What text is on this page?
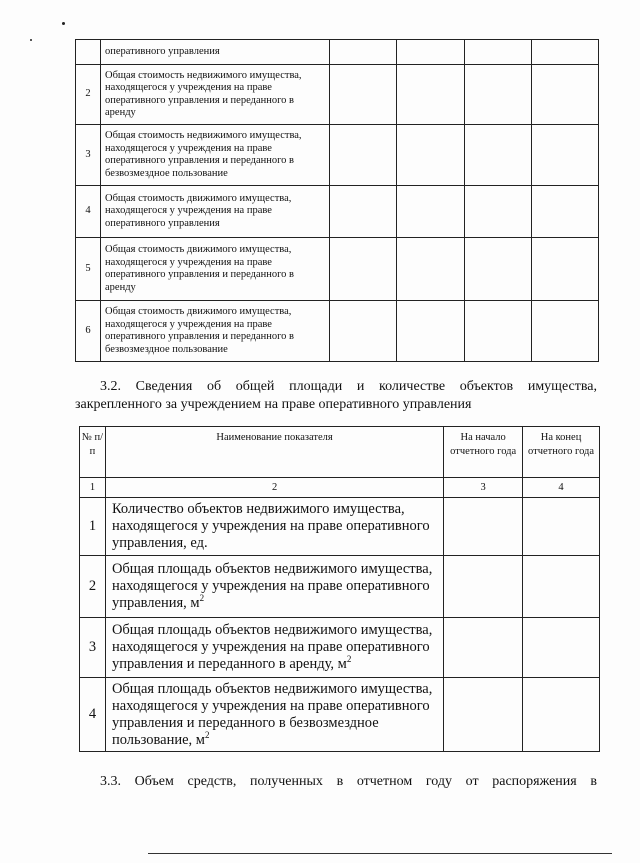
	оперативного управления				
2	Общая стоимость недвижимого имущества, находящегося у учреждения на праве оперативного управления и переданного в аренду				
3	Общая стоимость недвижимого имущества, находящегося у учреждения на праве оперативного управления и переданного в безвозмездное пользование				
4	Общая стоимость движимого имущества, находящегося у учреждения на праве оперативного управления				
5	Общая стоимость движимого имущества, находящегося у учреждения на праве оперативного управления и переданного в аренду				
6	Общая стоимость движимого имущества, находящегося у учреждения на праве оперативного управления и переданного в безвозмездное пользование				
3.2. Сведения об общей площади и количестве объектов имущества,
закрепленного за учреждением на праве оперативного управления
№ п/п	Наименование показателя	На начало отчетного года	На конец отчетного года
1	2	3	4
1	Количество объектов недвижимого имущества, находящегося у учреждения на праве оперативного управления, ед.		
2	Общая площадь объектов недвижимого имущества, находящегося у учреждения на праве оперативного управления, $м^2$		
3	Общая площадь объектов недвижимого имущества, находящегося у учреждения на праве оперативного управления и переданного в аренду, $м^2$		
4	Общая площадь объектов недвижимого имущества, находящегося у учреждения на праве оперативного управления и переданного в безвозмездное пользование, $м^2$		
3.3. Объем средств, полученных в отчетном году от распоряжения в
